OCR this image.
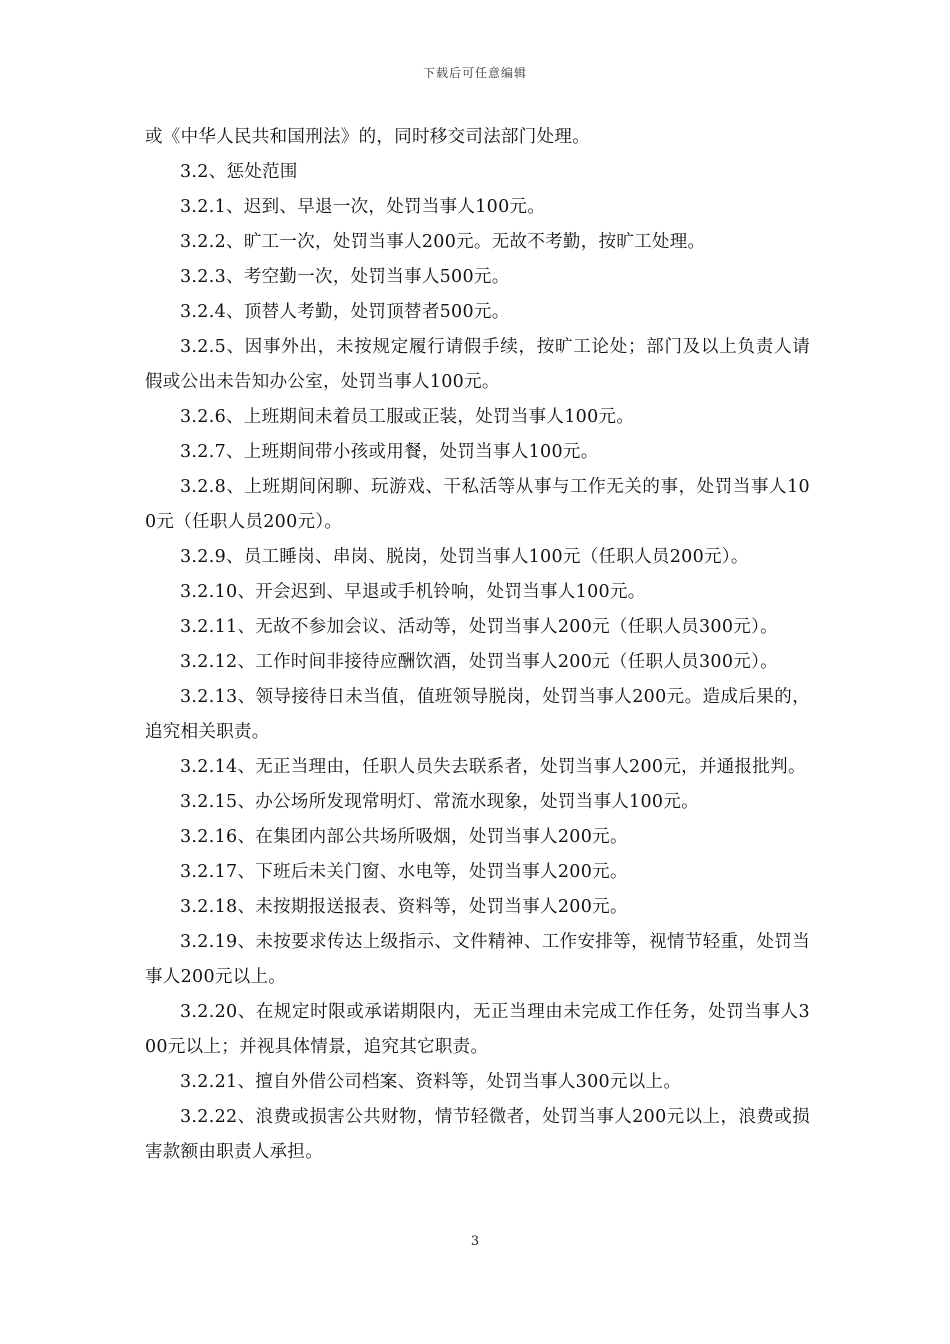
下载后可任意编辑

或《中华人民共和国刑法》的，同时移交司法部门处理。

3.2、惩处范围

3.2.1、迟到、早退一次，处罚当事人100元。

3.2.2、旷工一次，处罚当事人200元。无故不考勤，按旷工处理。

3.2.3、考空勤一次，处罚当事人500元。

3.2.4、顶替人考勤，处罚顶替者500元。

3.2.5、因事外出，未按规定履行请假手续，按旷工论处；部门及以上负责人请假或公出未告知办公室，处罚当事人100元。

3.2.6、上班期间未着员工服或正装，处罚当事人100元。

3.2.7、上班期间带小孩或用餐，处罚当事人100元。

3.2.8、上班期间闲聊、玩游戏、干私活等从事与工作无关的事，处罚当事人100元（任职人员200元）。

3.2.9、员工睡岗、串岗、脱岗，处罚当事人100元（任职人员200元）。

3.2.10、开会迟到、早退或手机铃响，处罚当事人100元。

3.2.11、无故不参加会议、活动等，处罚当事人200元（任职人员300元）。

3.2.12、工作时间非接待应酬饮酒，处罚当事人200元（任职人员300元）。

3.2.13、领导接待日未当值，值班领导脱岗，处罚当事人200元。造成后果的，追究相关职责。

3.2.14、无正当理由，任职人员失去联系者，处罚当事人200元，并通报批判。

3.2.15、办公场所发现常明灯、常流水现象，处罚当事人100元。

3.2.16、在集团内部公共场所吸烟，处罚当事人200元。

3.2.17、下班后未关门窗、水电等，处罚当事人200元。

3.2.18、未按期报送报表、资料等，处罚当事人200元。

3.2.19、未按要求传达上级指示、文件精神、工作安排等，视情节轻重，处罚当事人200元以上。

3.2.20、在规定时限或承诺期限内，无正当理由未完成工作任务，处罚当事人300元以上；并视具体情景，追究其它职责。

3.2.21、擅自外借公司档案、资料等，处罚当事人300元以上。

3.2.22、浪费或损害公共财物，情节轻微者，处罚当事人200元以上，浪费或损害款额由职责人承担。

3
